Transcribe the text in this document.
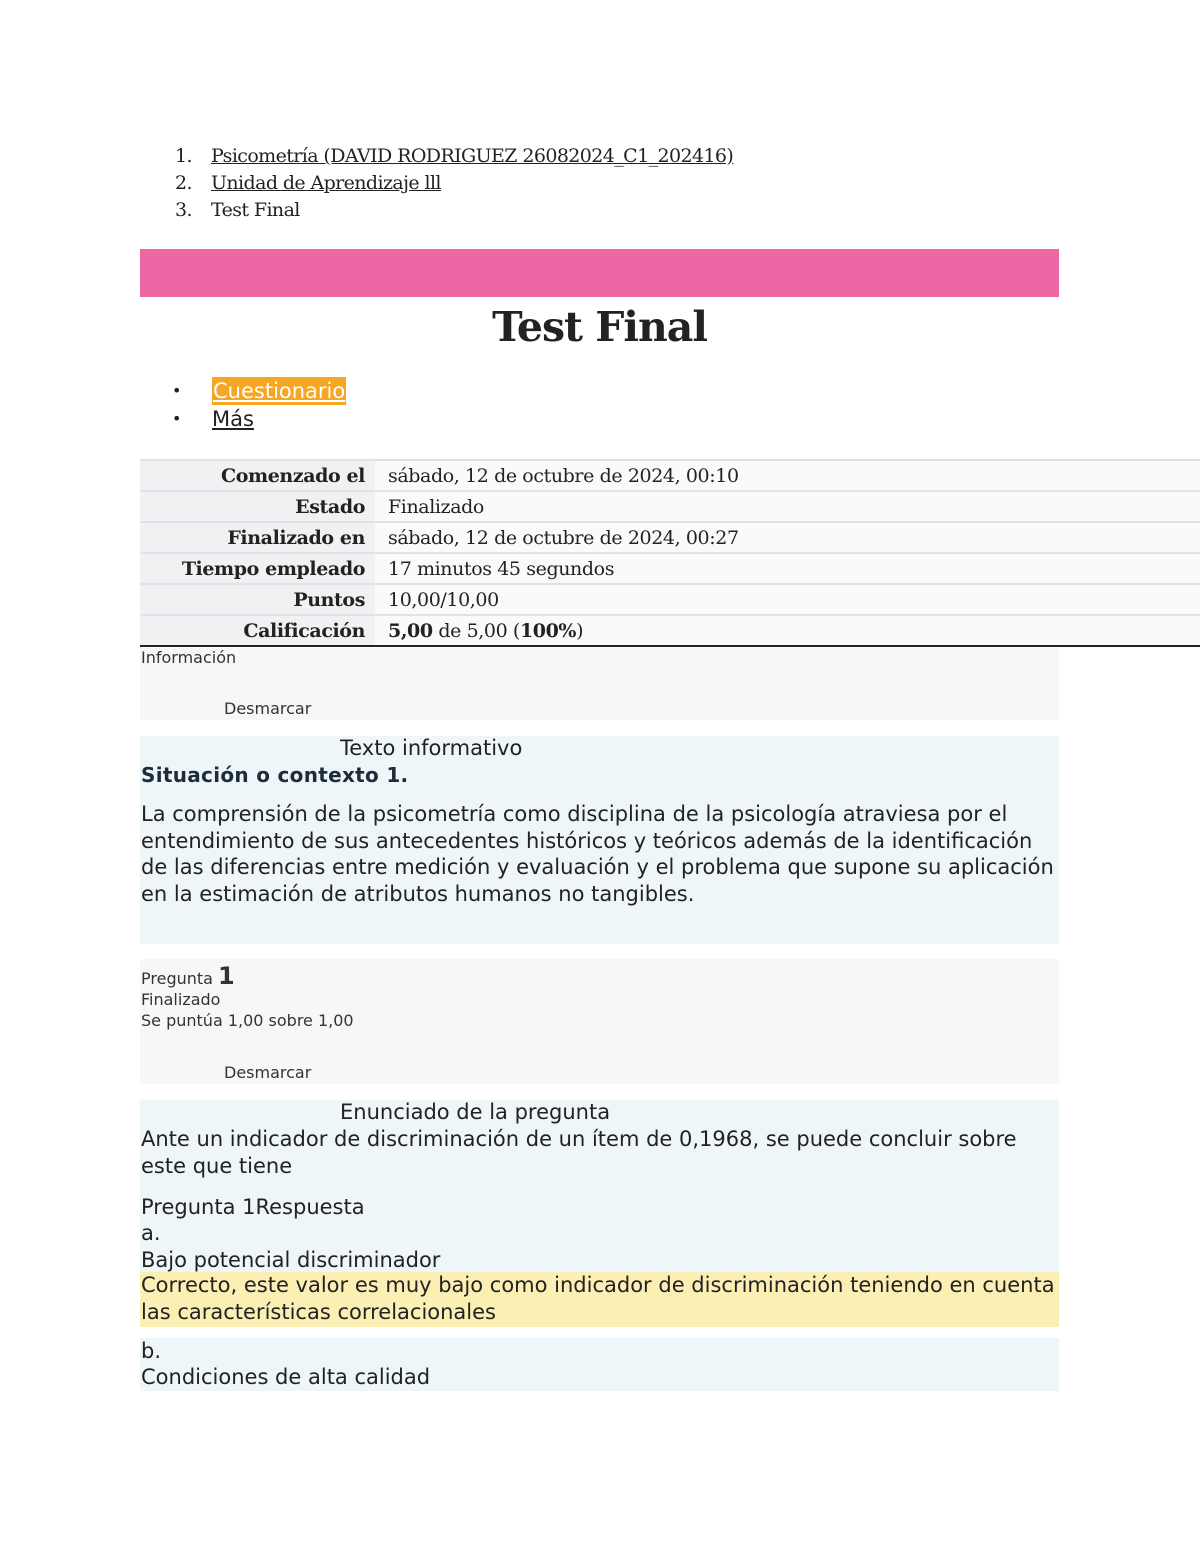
1.	Psicometría (DAVID RODRIGUEZ 26082024_C1_202416)
2.	Unidad de Aprendizaje lll
3.	Test Final
Test Final
•	Cuestionario
•	Más
Comenzado el	sábado, 12 de octubre de 2024, 00:10
Estado	Finalizado
Finalizado en	sábado, 12 de octubre de 2024, 00:27
Tiempo empleado	17 minutos 45 segundos
Puntos	10,00/10,00
Calificación	5,00 de 5,00 (100%)
Información
Desmarcar
Texto informativo
Situación o contexto 1.

La comprensión de la psicometría como disciplina de la psicología atraviesa por el entendimiento de sus antecedentes históricos y teóricos además de la identificación de las diferencias entre medición y evaluación y el problema que supone su aplicación en la estimación de atributos humanos no tangibles.

Pregunta 1
Finalizado
Se puntúa 1,00 sobre 1,00
Desmarcar
Enunciado de la pregunta

Ante un indicador de discriminación de un ítem de 0,1968, se puede concluir sobre este que tiene

Pregunta 1Respuesta
a.
Bajo potencial discriminador

Correcto, este valor es muy bajo como indicador de discriminación teniendo en cuenta las características correlacionales

b.
Condiciones de alta calidad
